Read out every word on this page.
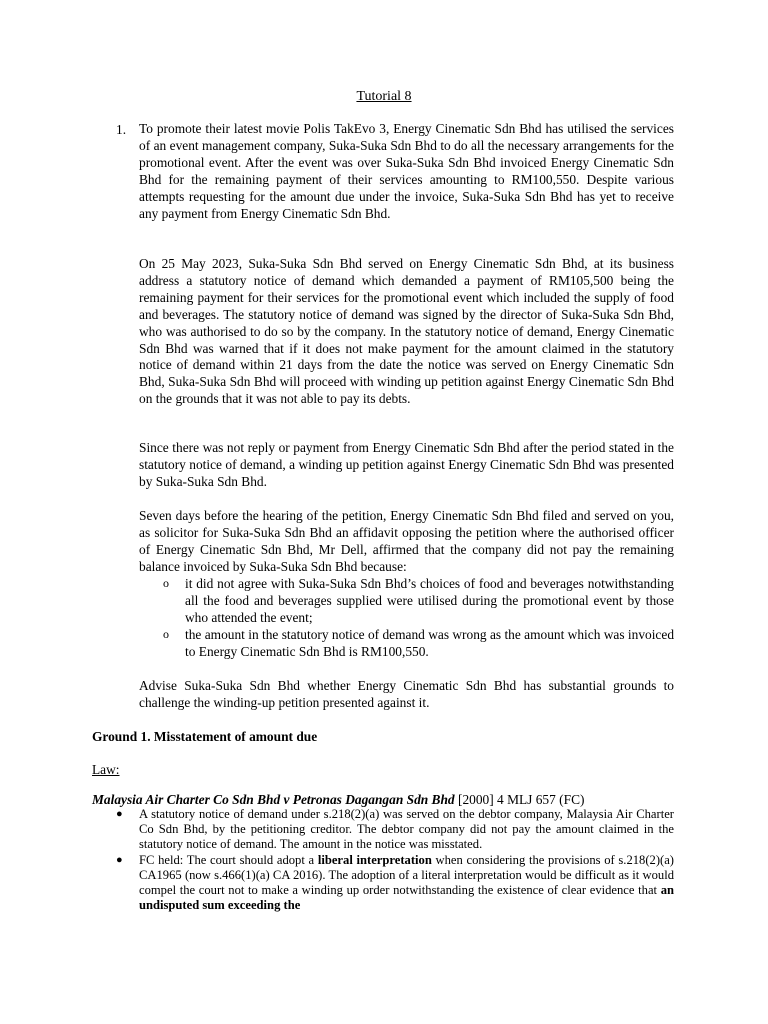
Tutorial 8
1. To promote their latest movie Polis TakEvo 3, Energy Cinematic Sdn Bhd has utilised the services of an event management company, Suka-Suka Sdn Bhd to do all the necessary arrangements for the promotional event. After the event was over Suka-Suka Sdn Bhd invoiced Energy Cinematic Sdn Bhd for the remaining payment of their services amounting to RM100,550. Despite various attempts requesting for the amount due under the invoice, Suka-Suka Sdn Bhd has yet to receive any payment from Energy Cinematic Sdn Bhd.

On 25 May 2023, Suka-Suka Sdn Bhd served on Energy Cinematic Sdn Bhd, at its business address a statutory notice of demand which demanded a payment of RM105,500 being the remaining payment for their services for the promotional event which included the supply of food and beverages. The statutory notice of demand was signed by the director of Suka-Suka Sdn Bhd, who was authorised to do so by the company. In the statutory notice of demand, Energy Cinematic Sdn Bhd was warned that if it does not make payment for the amount claimed in the statutory notice of demand within 21 days from the date the notice was served on Energy Cinematic Sdn Bhd, Suka-Suka Sdn Bhd will proceed with winding up petition against Energy Cinematic Sdn Bhd on the grounds that it was not able to pay its debts.

Since there was not reply or payment from Energy Cinematic Sdn Bhd after the period stated in the statutory notice of demand, a winding up petition against Energy Cinematic Sdn Bhd was presented by Suka-Suka Sdn Bhd.

Seven days before the hearing of the petition, Energy Cinematic Sdn Bhd filed and served on you, as solicitor for Suka-Suka Sdn Bhd an affidavit opposing the petition where the authorised officer of Energy Cinematic Sdn Bhd, Mr Dell, affirmed that the company did not pay the remaining balance invoiced by Suka-Suka Sdn Bhd because:

o it did not agree with Suka-Suka Sdn Bhd’s choices of food and beverages notwithstanding all the food and beverages supplied were utilised during the promotional event by those who attended the event;

o the amount in the statutory notice of demand was wrong as the amount which was invoiced to Energy Cinematic Sdn Bhd is RM100,550.

Advise Suka-Suka Sdn Bhd whether Energy Cinematic Sdn Bhd has substantial grounds to challenge the winding-up petition presented against it.

Ground 1. Misstatement of amount due
Law:
Malaysia Air Charter Co Sdn Bhd v Petronas Dagangan Sdn Bhd [2000] 4 MLJ 657 (FC)
● A statutory notice of demand under s.218(2)(a) was served on the debtor company, Malaysia Air Charter Co Sdn Bhd, by the petitioning creditor. The debtor company did not pay the amount claimed in the statutory notice of demand. The amount in the notice was misstated.

● FC held: The court should adopt a liberal interpretation when considering the provisions of s.218(2)(a) CA1965 (now s.466(1)(a) CA 2016). The adoption of a literal interpretation would be difficult as it would compel the court not to make a winding up order notwithstanding the existence of clear evidence that an undisputed sum exceeding the
